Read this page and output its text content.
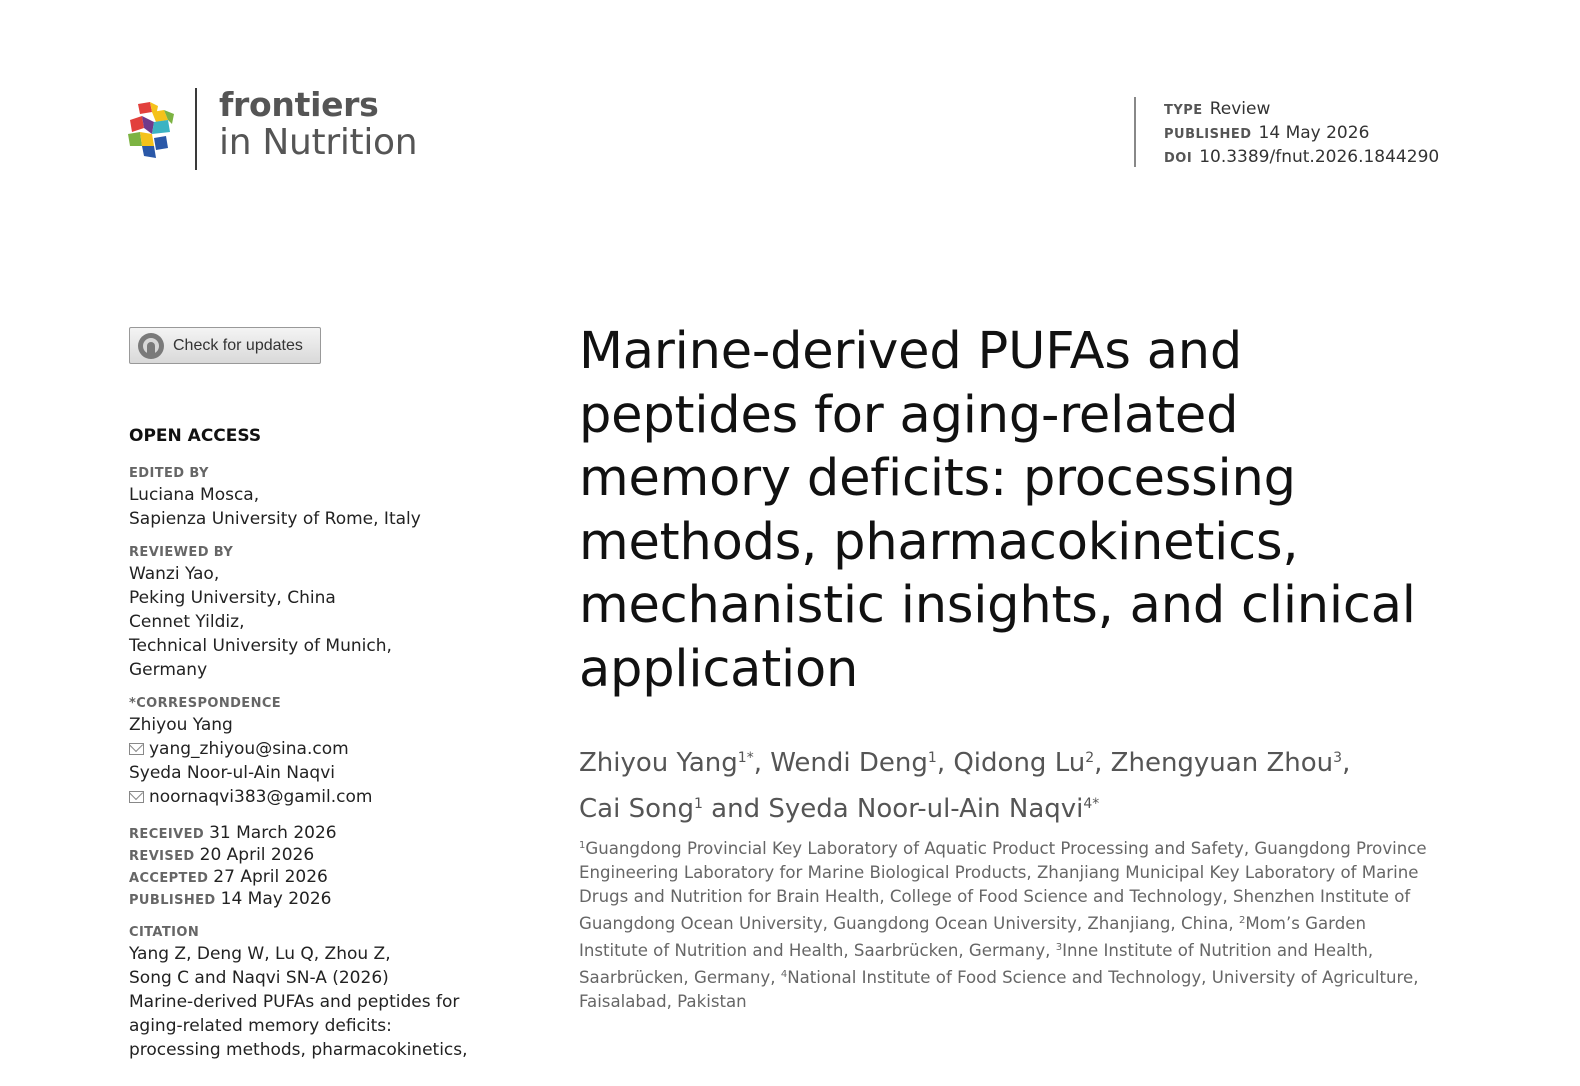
frontiers
in Nutrition
TYPE Review
PUBLISHED 14 May 2026
DOI 10.3389/fnut.2026.1844290
Check for updates
OPEN ACCESS
EDITED BY
Luciana Mosca,
Sapienza University of Rome, Italy
REVIEWED BY
Wanzi Yao,
Peking University, China
Cennet Yildiz,
Technical University of Munich,
Germany
*CORRESPONDENCE
Zhiyou Yang
yang_zhiyou@sina.com
Syeda Noor-ul-Ain Naqvi
noornaqvi383@gamil.com
RECEIVED 31 March 2026
REVISED 20 April 2026
ACCEPTED 27 April 2026
PUBLISHED 14 May 2026
CITATION
Yang Z, Deng W, Lu Q, Zhou Z,
Song C and Naqvi SN-A (2026)
Marine-derived PUFAs and peptides for
aging-related memory deficits:
processing methods, pharmacokinetics,
Marine-derived PUFAs and
peptides for aging-related
memory deficits: processing
methods, pharmacokinetics,
mechanistic insights, and clinical
application
Zhiyou Yang$^{1*}$, Wendi Deng$^1$, Qidong Lu$^2$, Zhengyuan Zhou$^3$,
Cai Song$^1$ and Syeda Noor-ul-Ain Naqvi$^{4*}$
$^1$Guangdong Provincial Key Laboratory of Aquatic Product Processing and Safety, Guangdong Province Engineering Laboratory for Marine Biological Products, Zhanjiang Municipal Key Laboratory of Marine Drugs and Nutrition for Brain Health, College of Food Science and Technology, Shenzhen Institute of Guangdong Ocean University, Guangdong Ocean University, Zhanjiang, China, $^2$Mom’s Garden Institute of Nutrition and Health, Saarbrücken, Germany, $^3$Inne Institute of Nutrition and Health, Saarbrücken, Germany, $^4$National Institute of Food Science and Technology, University of Agriculture, Faisalabad, Pakistan
